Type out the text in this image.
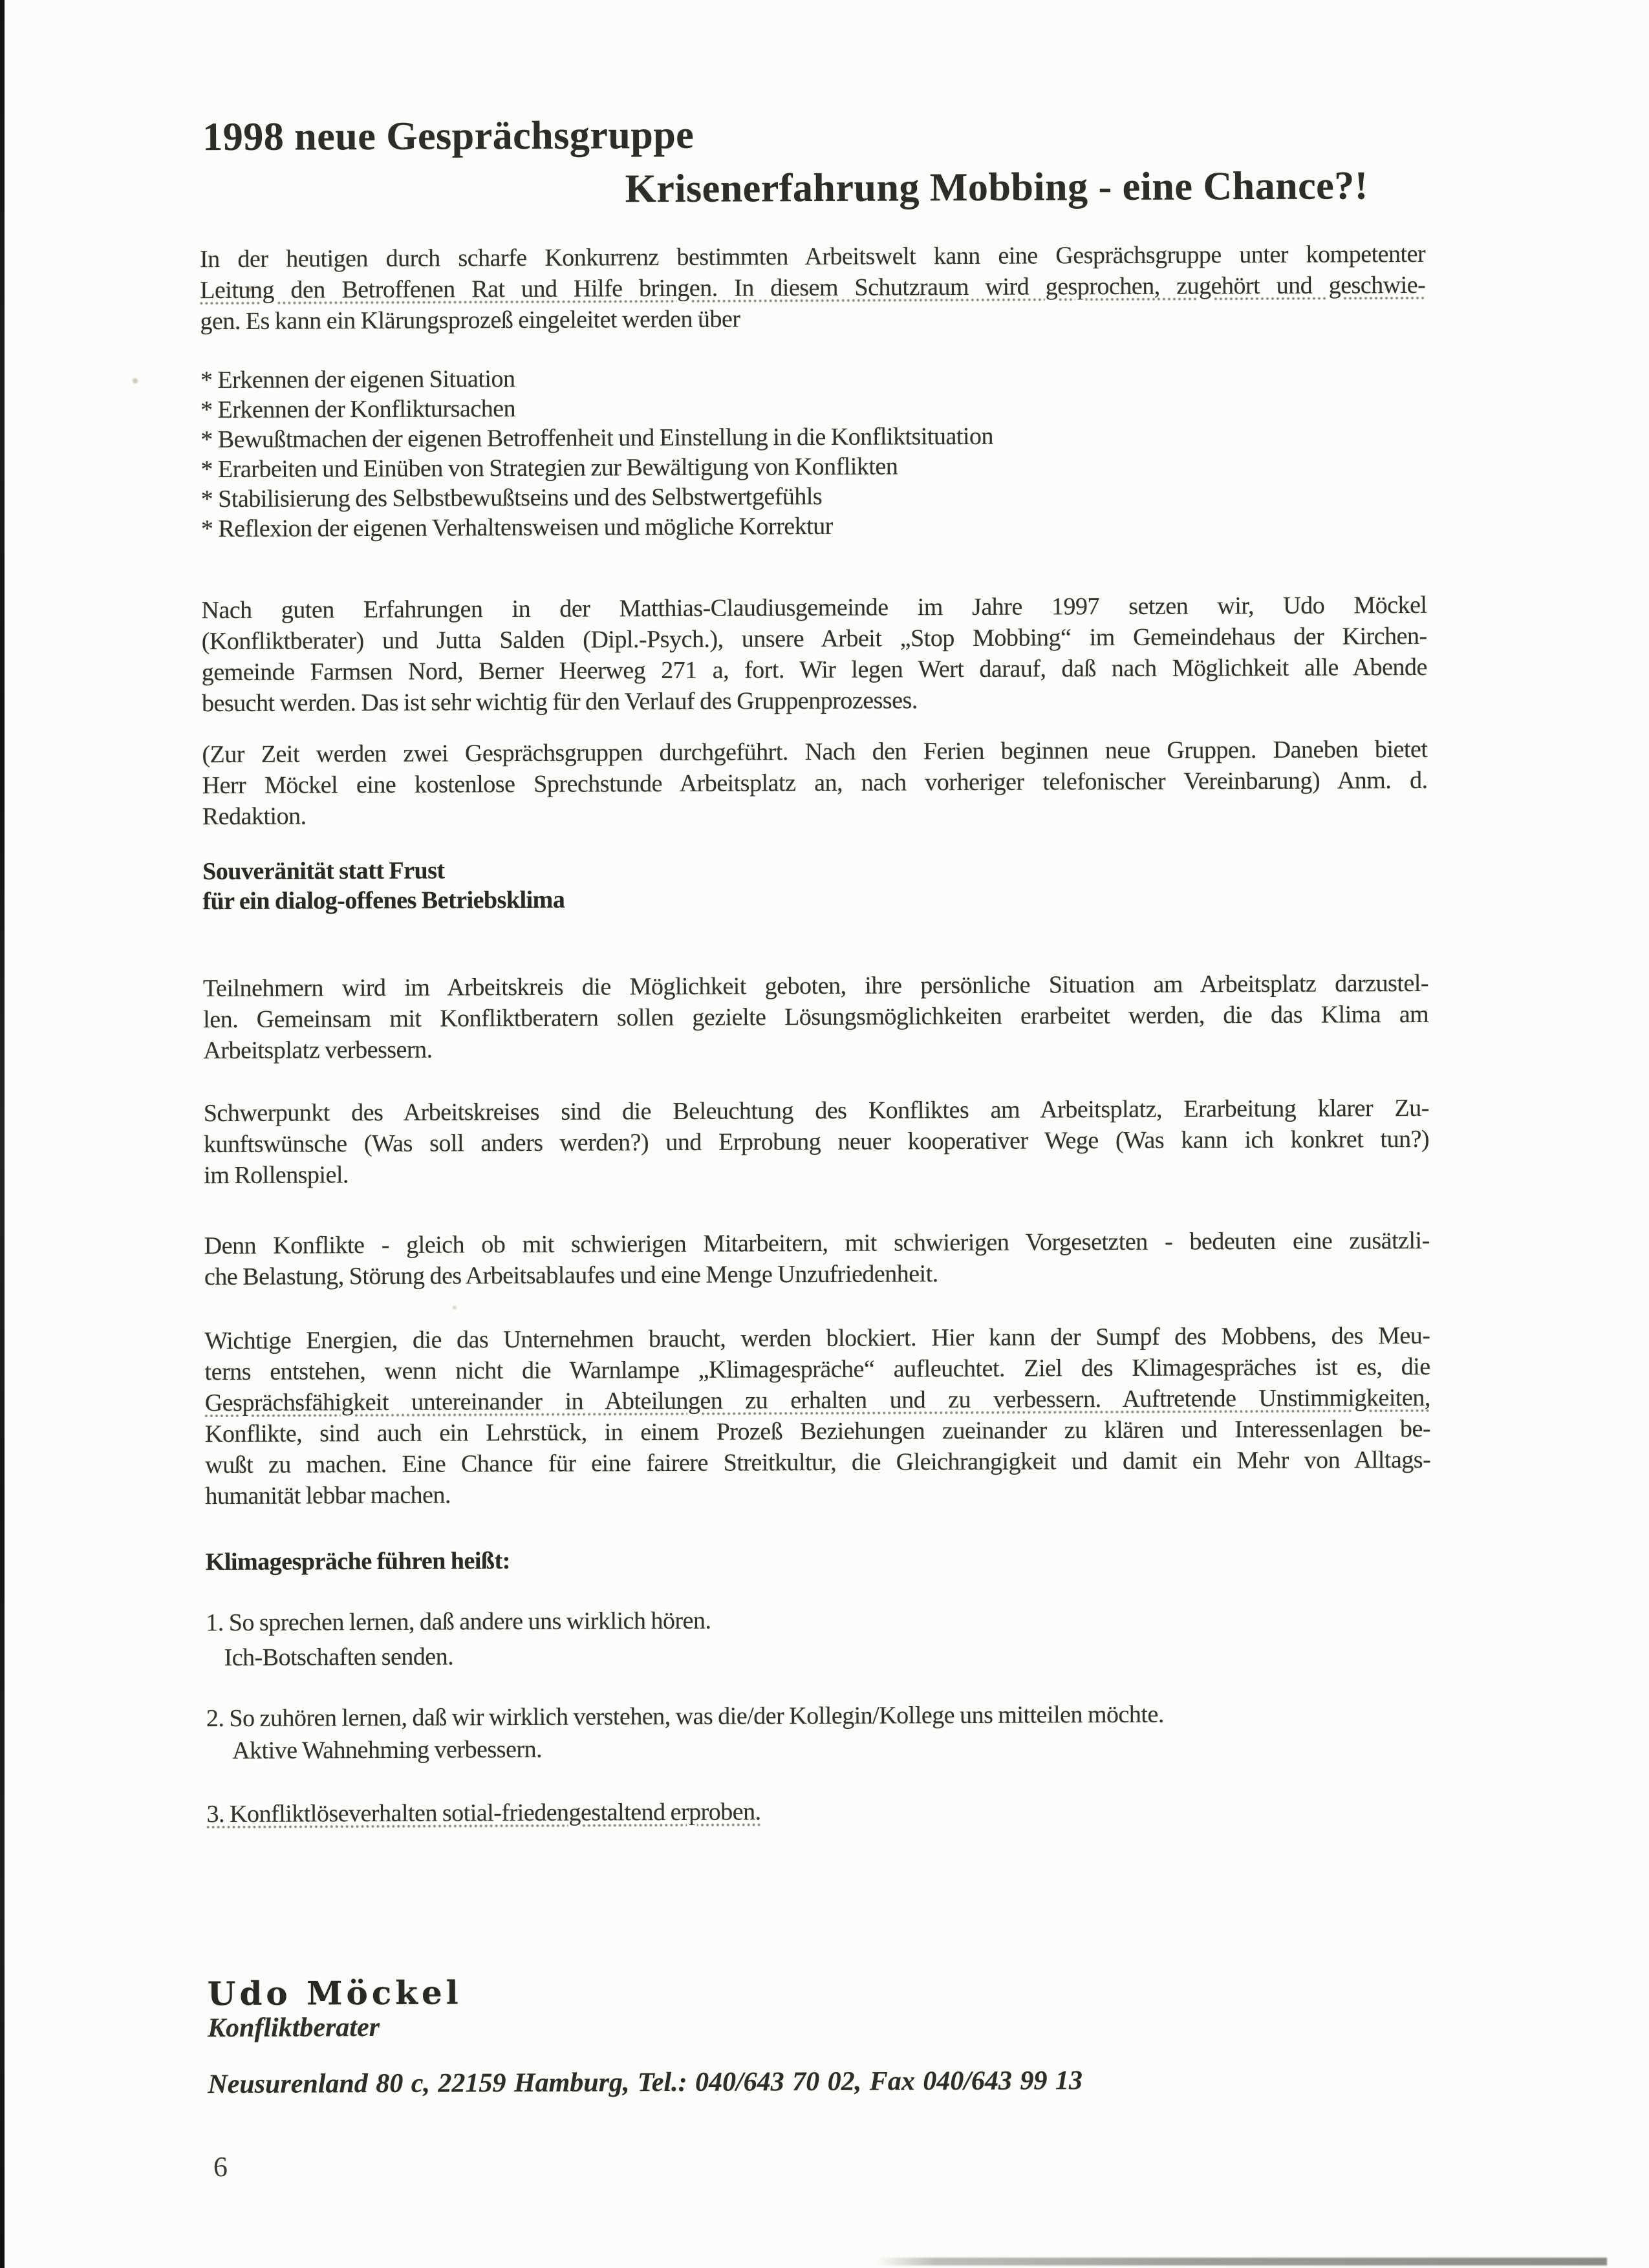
1998 neue Gesprächsgruppe
Krisenerfahrung Mobbing - eine Chance?!
In der heutigen durch scharfe Konkurrenz bestimmten Arbeitswelt kann eine Gesprächsgruppe unter kompetenter
Leitung den Betroffenen Rat und Hilfe bringen. In diesem Schutzraum wird gesprochen, zugehört und geschwie-
gen. Es kann ein Klärungsprozeß eingeleitet werden über
* Erkennen der eigenen Situation
* Erkennen der Konfliktursachen
* Bewußtmachen der eigenen Betroffenheit und Einstellung in die Konfliktsituation
* Erarbeiten und Einüben von Strategien zur Bewältigung von Konflikten
* Stabilisierung des Selbstbewußtseins und des Selbstwertgefühls
* Reflexion der eigenen Verhaltensweisen und mögliche Korrektur
Nach guten Erfahrungen in der Matthias-Claudiusgemeinde im Jahre 1997 setzen wir, Udo Möckel
(Konfliktberater) und Jutta Salden (Dipl.-Psych.), unsere Arbeit „Stop Mobbing“ im Gemeindehaus der Kirchen-
gemeinde Farmsen Nord, Berner Heerweg 271 a, fort. Wir legen Wert darauf, daß nach Möglichkeit alle Abende
besucht werden. Das ist sehr wichtig für den Verlauf des Gruppenprozesses.
(Zur Zeit werden zwei Gesprächsgruppen durchgeführt. Nach den Ferien beginnen neue Gruppen. Daneben bietet
Herr Möckel eine kostenlose Sprechstunde Arbeitsplatz an, nach vorheriger telefonischer Vereinbarung) Anm. d.
Redaktion.
Souveränität statt Frust
für ein dialog-offenes Betriebsklima
Teilnehmern wird im Arbeitskreis die Möglichkeit geboten, ihre persönliche Situation am Arbeitsplatz darzustel-
len. Gemeinsam mit Konfliktberatern sollen gezielte Lösungsmöglichkeiten erarbeitet werden, die das Klima am
Arbeitsplatz verbessern.
Schwerpunkt des Arbeitskreises sind die Beleuchtung des Konfliktes am Arbeitsplatz, Erarbeitung klarer Zu-
kunftswünsche (Was soll anders werden?) und Erprobung neuer kooperativer Wege (Was kann ich konkret tun?)
im Rollenspiel.
Denn Konflikte - gleich ob mit schwierigen Mitarbeitern, mit schwierigen Vorgesetzten - bedeuten eine zusätzli-
che Belastung, Störung des Arbeitsablaufes und eine Menge Unzufriedenheit.
Wichtige Energien, die das Unternehmen braucht, werden blockiert. Hier kann der Sumpf des Mobbens, des Meu-
terns entstehen, wenn nicht die Warnlampe „Klimagespräche“ aufleuchtet. Ziel des Klimagespräches ist es, die
Gesprächsfähigkeit untereinander in Abteilungen zu erhalten und zu verbessern. Auftretende Unstimmigkeiten,
Konflikte, sind auch ein Lehrstück, in einem Prozeß Beziehungen zueinander zu klären und Interessenlagen be-
wußt zu machen. Eine Chance für eine fairere Streitkultur, die Gleichrangigkeit und damit ein Mehr von Alltags-
humanität lebbar machen.
Klimagespräche führen heißt:
1. So sprechen lernen, daß andere uns wirklich hören.
Ich-Botschaften senden.
2. So zuhören lernen, daß wir wirklich verstehen, was die/der Kollegin/Kollege uns mitteilen möchte.
Aktive Wahnehming verbessern.
3. Konfliktlöseverhalten sotial-friedengestaltend erproben.

Udo Möckel

Konfliktberater

Neusurenland 80 c, 22159 Hamburg, Tel.: 040/643 70 02, Fax 040/643 99 13

6
